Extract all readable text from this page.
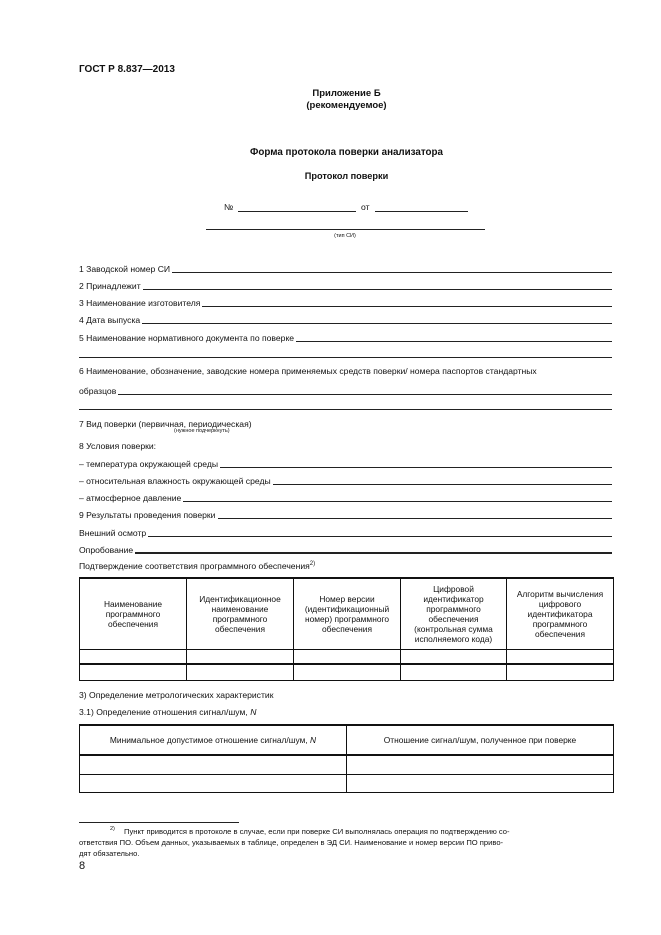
ГОСТ Р 8.837—2013
Приложение Б
(рекомендуемое)
Форма протокола поверки анализатора
Протокол поверки
№	от
(тип СИ)
1 Заводской номер СИ
2 Принадлежит
3 Наименование изготовителя
4 Дата выпуска
5 Наименование нормативного документа по поверке
6 Наименование, обозначение, заводские номера применяемых средств поверки/ номера паспортов стандартных
образцов
7 Вид поверки (первичная, периодическая)
(нужное подчеркнуть)
8 Условия поверки:
– температура окружающей среды
– относительная влажность окружающей среды
– атмосферное давление
9 Результаты проведения поверки
Внешний осмотр
Опробование
Подтверждение соответствия программного обеспечения$^{2)}$
Наименование программного обеспечения	Идентификационное наименование программного обеспечения	Номер версии (идентификационный номер) программного обеспечения	Цифровой идентификатор программного обеспечения (контрольная сумма исполняемого кода)	Алгоритм вычисления цифрового идентификатора программного обеспечения

3) Определение метрологических характеристик
3.1) Определение отношения сигнал/шум, N
Минимальное допустимое отношение сигнал/шум, N	Отношение сигнал/шум, полученное при поверке

2) Пункт приводится в протоколе в случае, если при поверке СИ выполнялась операция по подтверждению со-
ответствия ПО. Объем данных, указываемых в таблице, определен в ЭД СИ. Наименование и номер версии ПО приво-
дят обязательно.
8
